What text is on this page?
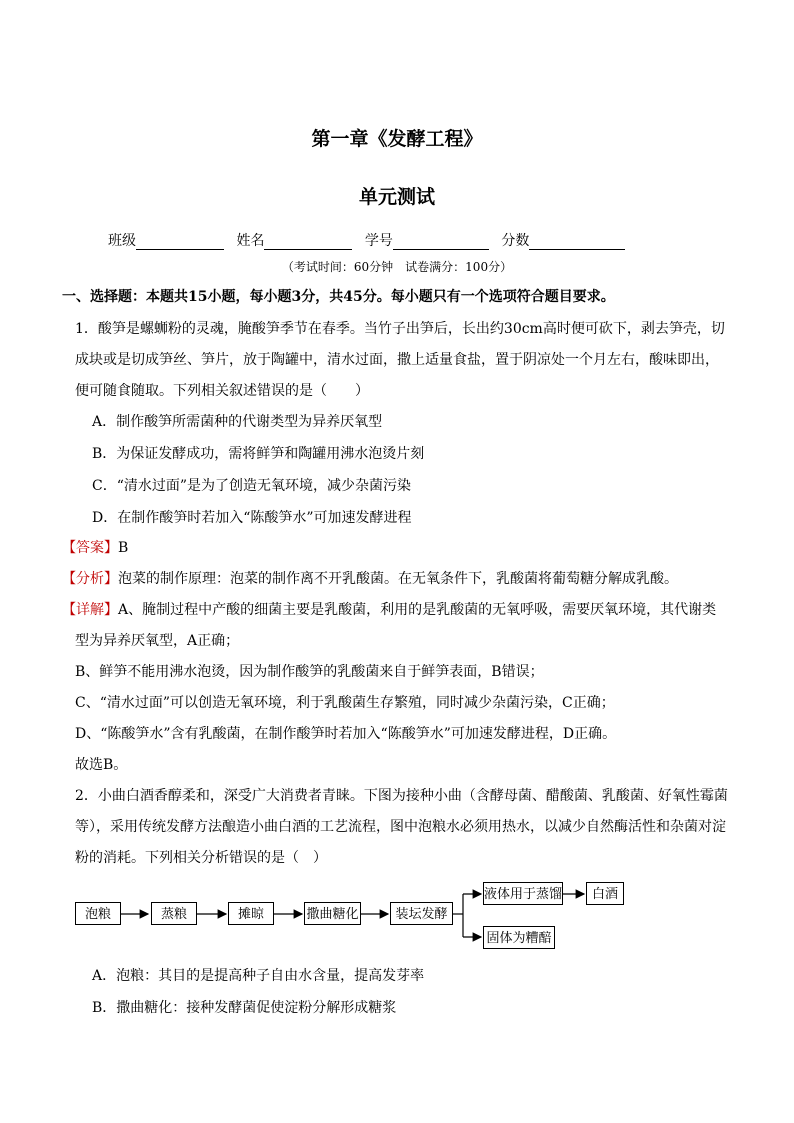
第一章《发酵工程》
单元测试
班级	姓名	学号	分数
（考试时间：60分钟　试卷满分：100分）
一、选择题：本题共15小题，每小题3分，共45分。每小题只有一个选项符合题目要求。
1．酸笋是螺蛳粉的灵魂，腌酸笋季节在春季。当竹子出笋后，长出约30cm高时便可砍下，剥去笋壳，切
成块或是切成笋丝、笋片，放于陶罐中，清水过面，撒上适量食盐，置于阴凉处一个月左右，酸味即出，
便可随食随取。下列相关叙述错误的是（　　）
A．制作酸笋所需菌种的代谢类型为异养厌氧型
B．为保证发酵成功，需将鲜笋和陶罐用沸水泡烫片刻
C．“清水过面”是为了创造无氧环境，减少杂菌污染
D．在制作酸笋时若加入“陈酸笋水”可加速发酵进程
【答案】B
【分析】泡菜的制作原理：泡菜的制作离不开乳酸菌。在无氧条件下，乳酸菌将葡萄糖分解成乳酸。
【详解】A、腌制过程中产酸的细菌主要是乳酸菌，利用的是乳酸菌的无氧呼吸，需要厌氧环境，其代谢类
型为异养厌氧型，A正确；
B、鲜笋不能用沸水泡烫，因为制作酸笋的乳酸菌来自于鲜笋表面，B错误；
C、“清水过面”可以创造无氧环境，利于乳酸菌生存繁殖，同时减少杂菌污染，C正确；
D、“陈酸笋水”含有乳酸菌，在制作酸笋时若加入“陈酸笋水”可加速发酵进程，D正确。
故选B。
2．小曲白酒香醇柔和，深受广大消费者青睐。下图为接种小曲（含酵母菌、醋酸菌、乳酸菌、好氧性霉菌
等），采用传统发酵方法酿造小曲白酒的工艺流程，图中泡粮水必须用热水，以减少自然酶活性和杂菌对淀
粉的消耗。下列相关分析错误的是（　）
泡粮	蒸粮	摊晾	撒曲糖化	装坛发酵
液体用于蒸馏	白酒
固体为糟醅
A．泡粮：其目的是提高种子自由水含量，提高发芽率
B．撒曲糖化：接种发酵菌促使淀粉分解形成糖浆
